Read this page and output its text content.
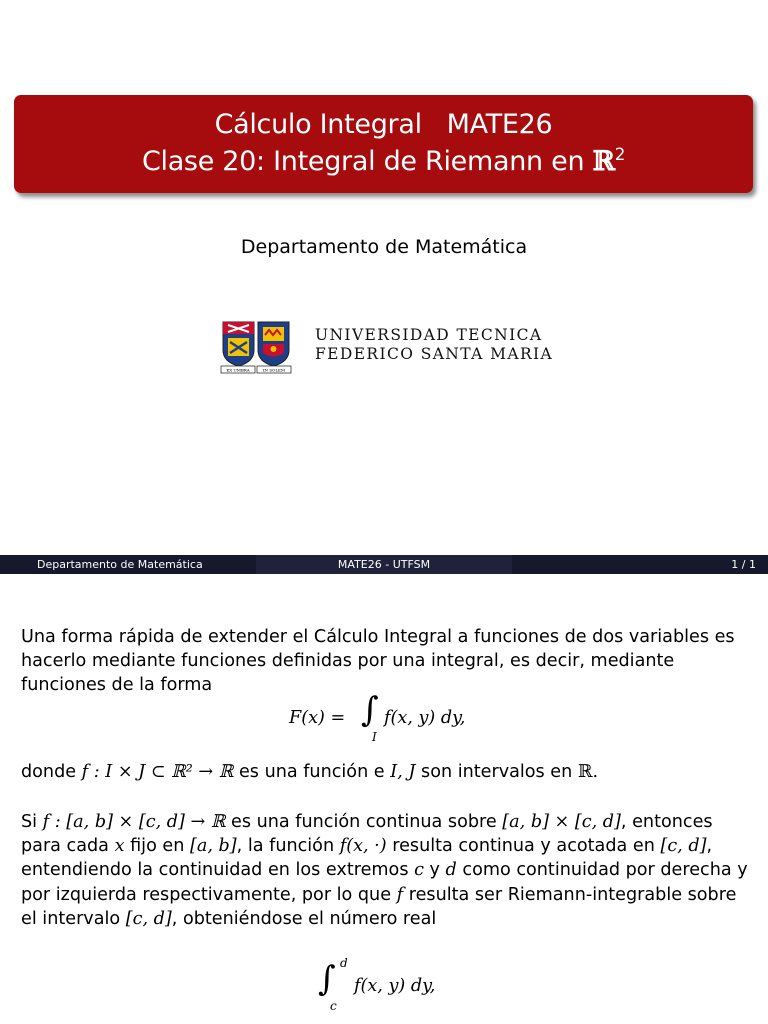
Cálculo Integral   MATE26
Clase 20: Integral de Riemann en ℝ$^2$
Departamento de Matemática
EX UMBRA	IN SOLEM
UNIVERSIDAD TECNICA
FEDERICO SANTA MARIA
Departamento de Matemática	MATE26 - UTFSM	1 / 1
Una forma rápida de extender el Cálculo Integral a funciones de dos variables es
hacerlo mediante funciones definidas por una integral, es decir, mediante
funciones de la forma
F(x) = ∫
I
f(x, y) dy,
donde f : I × J ⊂ ℝ² → ℝ es una función e I, J son intervalos en ℝ.
Si f : [a, b] × [c, d] → ℝ es una función continua sobre [a, b] × [c, d], entonces
para cada x fijo en [a, b], la función f(x, ·) resulta continua y acotada en [c, d],
entendiendo la continuidad en los extremos c y d como continuidad por derecha y
por izquierda respectivamente, por lo que f resulta ser Riemann-integrable sobre
el intervalo [c, d], obteniéndose el número real
∫ d
c
f(x, y) dy,
